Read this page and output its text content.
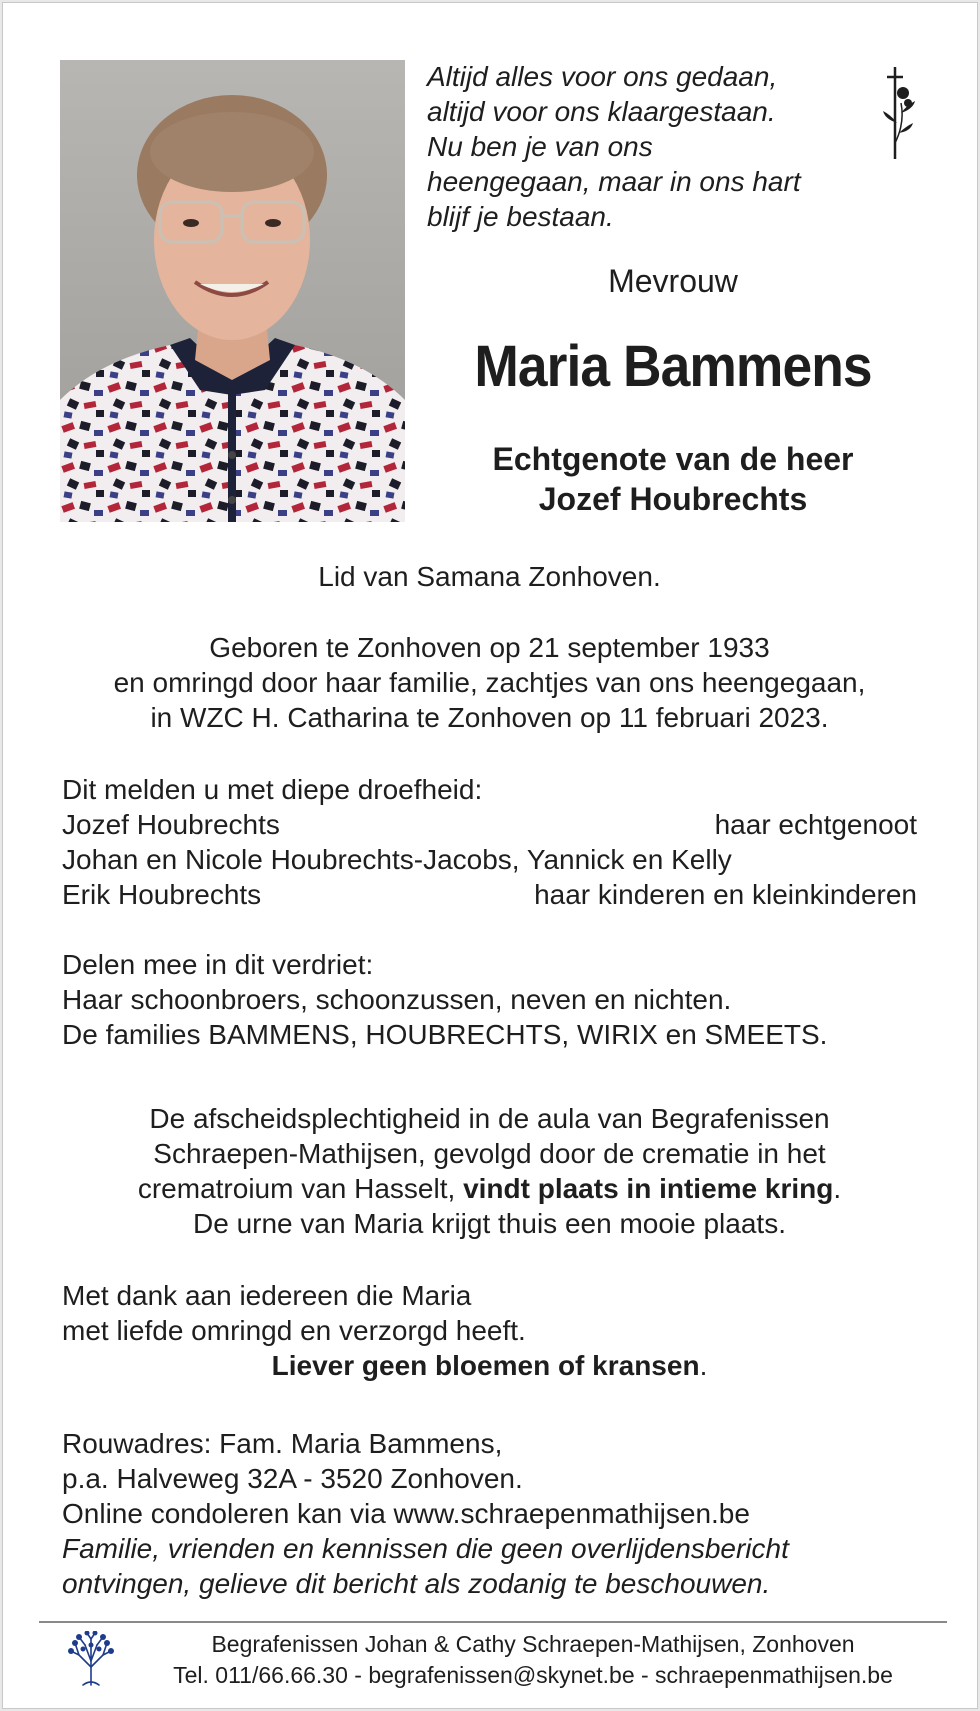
Altijd alles voor ons gedaan,
altijd voor ons klaargestaan.
Nu ben je van ons
heengegaan, maar in ons hart
blijf je bestaan.
Mevrouw
Maria Bammens
Echtgenote van de heer
Jozef Houbrechts
Lid van Samana Zonhoven.
Geboren te Zonhoven op 21 september 1933
en omringd door haar familie, zachtjes van ons heengegaan,
in WZC H. Catharina te Zonhoven op 11 februari 2023.
Dit melden u met diepe droefheid:
Jozef Houbrechts	haar echtgenoot
Johan en Nicole Houbrechts-Jacobs, Yannick en Kelly
Erik Houbrechts	haar kinderen en kleinkinderen
Delen mee in dit verdriet:
Haar schoonbroers, schoonzussen, neven en nichten.
De families BAMMENS, HOUBRECHTS, WIRIX en SMEETS.
De afscheidsplechtigheid in de aula van Begrafenissen
Schraepen-Mathijsen, gevolgd door de crematie in het
crematroium van Hasselt, vindt plaats in intieme kring.
De urne van Maria krijgt thuis een mooie plaats.
Met dank aan iedereen die Maria
met liefde omringd en verzorgd heeft.
Liever geen bloemen of kransen.
Rouwadres: Fam. Maria Bammens,
p.a. Halveweg 32A - 3520 Zonhoven.
Online condoleren kan via www.schraepenmathijsen.be
Familie, vrienden en kennissen die geen overlijdensbericht
ontvingen, gelieve dit bericht als zodanig te beschouwen.
Begrafenissen Johan & Cathy Schraepen-Mathijsen, Zonhoven
Tel. 011/66.66.30 - begrafenissen@skynet.be - schraepenmathijsen.be
